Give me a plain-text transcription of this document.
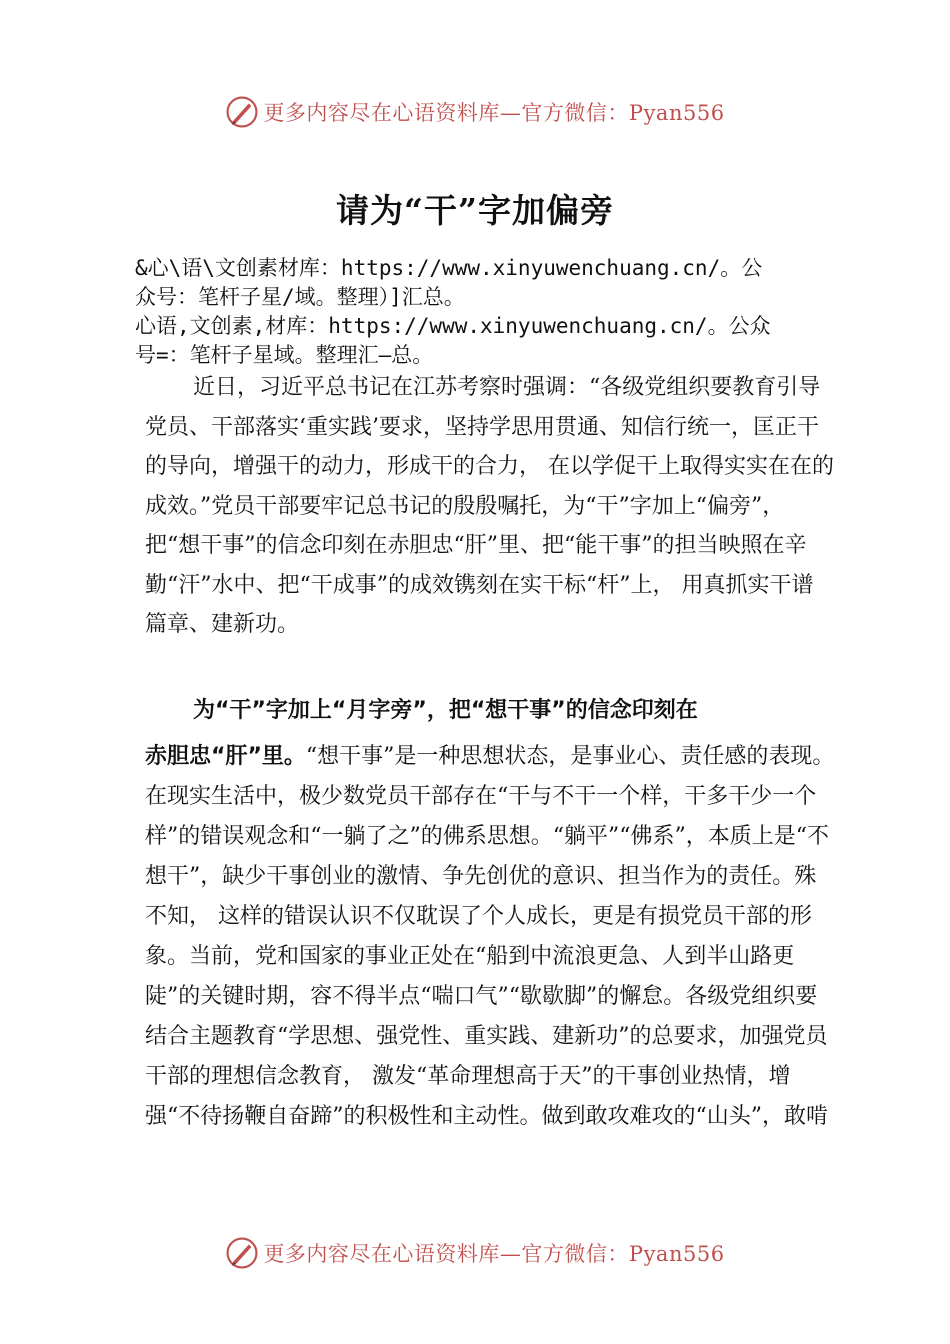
更多内容尽在心语资料库—官方微信：Pyan556
请为“干”字加偏旁
&心\语\文创素材库：https://www.xinyuwenchuang.cn/。公
众号：笔杆子星/域。整理）]汇总。
心语,文创素,材库：https://www.xinyuwenchuang.cn/。公众
号=：笔杆子星域。整理汇—总。
近日，习近平总书记在江苏考察时强调：“各级党组织要教育引导党员、干部落实‘重实践’要求，坚持学思用贯通、知信行统一，匡正干的导向，增强干的动力，形成干的合力， 在以学促干上取得实实在在的成效。”党员干部要牢记总书记的殷殷嘱托，为“干”字加上“偏旁”，把“想干事”的信念印刻在赤胆忠“肝”里、把“能干事”的担当映照在辛勤“汗”水中、把“干成事”的成效镌刻在实干标“杆”上， 用真抓实干谱篇章、建新功。
为“干”字加上“月字旁”，把“想干事”的信念印刻在
赤胆忠“肝”里。“想干事”是一种思想状态，是事业心、责任感的表现。在现实生活中，极少数党员干部存在“干与不干一个样，干多干少一个样”的错误观念和“一躺了之”的佛系思想。“躺平”“佛系”，本质上是“不想干”，缺少干事创业的激情、争先创优的意识、担当作为的责任。殊不知， 这样的错误认识不仅耽误了个人成长，更是有损党员干部的形象。当前，党和国家的事业正处在“船到中流浪更急、人到半山路更陡”的关键时期，容不得半点“喘口气”“歇歇脚”的懈怠。各级党组织要结合主题教育“学思想、强党性、重实践、建新功”的总要求，加强党员干部的理想信念教育， 激发“革命理想高于天”的干事创业热情，增强“不待扬鞭自奋蹄”的积极性和主动性。做到敢攻难攻的“山头”，敢啃
更多内容尽在心语资料库—官方微信：Pyan556
